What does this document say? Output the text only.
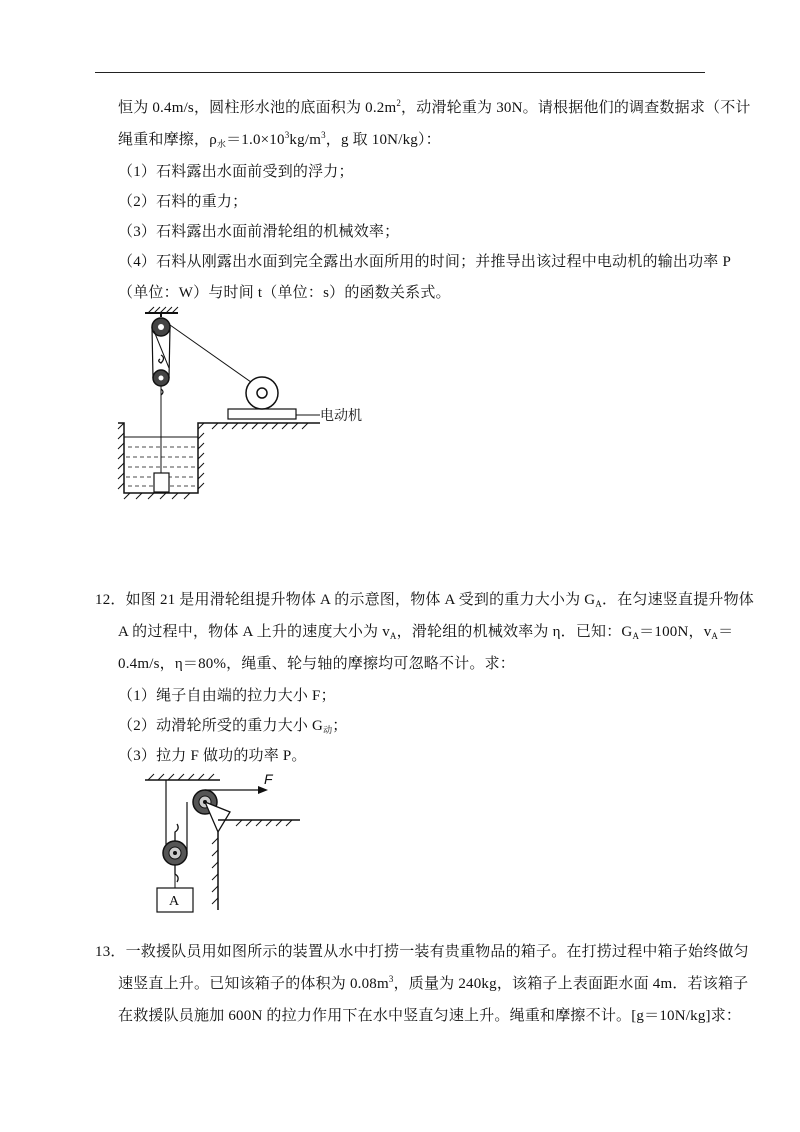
恒为 0.4m/s，圆柱形水池的底面积为 $0.2m^2$，动滑轮重为 30N。请根据他们的调查数据求（不计
绳重和摩擦，$\rho_水=1.0\times 10^3kg/m^3$，g 取 10N/kg）：
（1）石料露出水面前受到的浮力；
（2）石料的重力；
（3）石料露出水面前滑轮组的机械效率；
（4）石料从刚露出水面到完全露出水面所用的时间；并推导出该过程中电动机的输出功率 P
（单位：W）与时间 t（单位：s）的函数关系式。
电动机
12．如图 21 是用滑轮组提升物体 A 的示意图，物体 A 受到的重力大小为 $G_A$．在匀速竖直提升物体
A 的过程中，物体 A 上升的速度大小为 $v_A$，滑轮组的机械效率为 η．已知：$G_A=100N$，$v_A=$
0.4m/s，η＝80%，绳重、轮与轴的摩擦均可忽略不计。求：
（1）绳子自由端的拉力大小 F；
（2）动滑轮所受的重力大小 $G_动$；
（3）拉力 F 做功的功率 P。
F
A
13．一救援队员用如图所示的装置从水中打捞一装有贵重物品的箱子。在打捞过程中箱子始终做匀
速竖直上升。已知该箱子的体积为 $0.08m^3$，质量为 240kg，该箱子上表面距水面 4m．若该箱子
在救援队员施加 600N 的拉力作用下在水中竖直匀速上升。绳重和摩擦不计。[g＝10N/kg]求：
